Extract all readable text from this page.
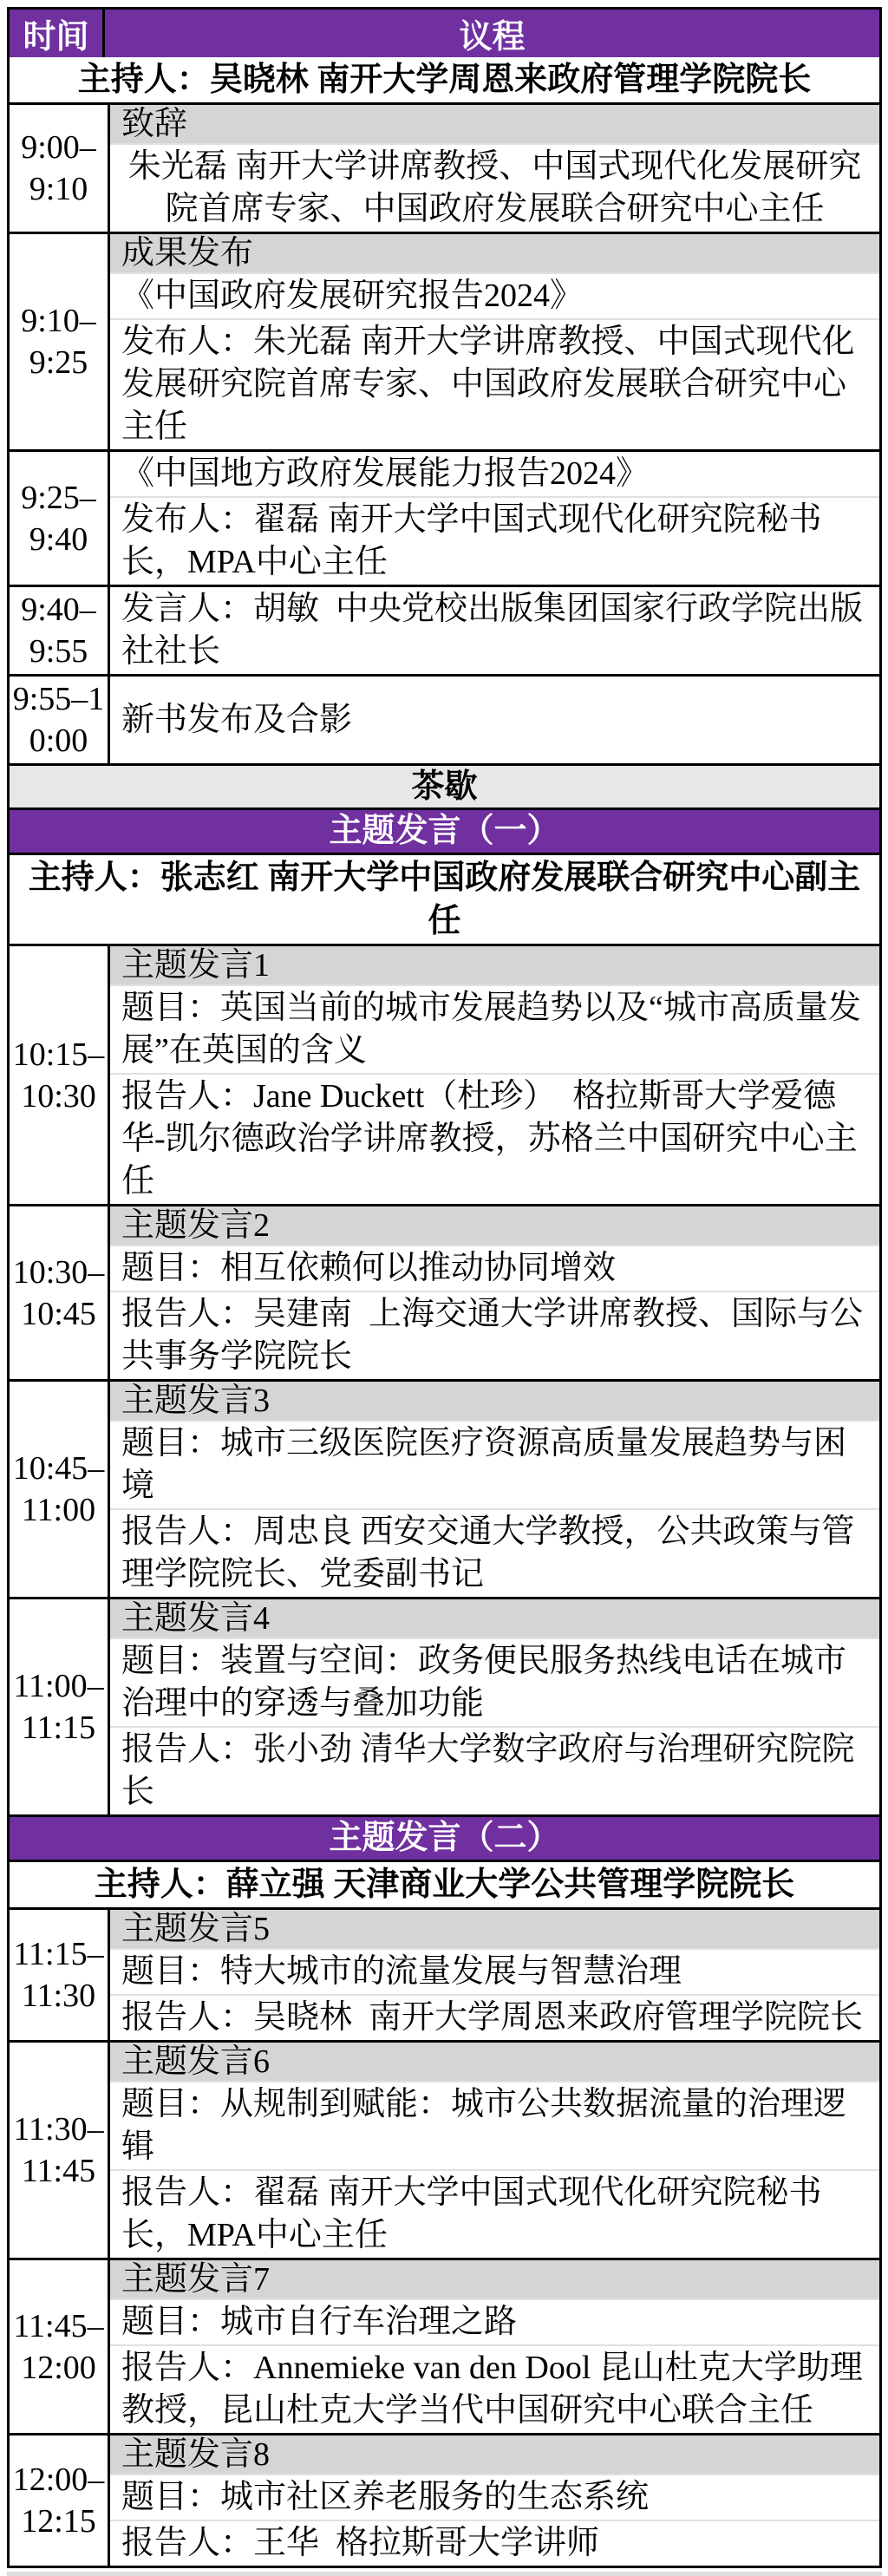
时间	议程
主持人：吴晓林 南开大学周恩来政府管理学院院长
9:00–9:10
致辞
朱光磊 南开大学讲席教授、中国式现代化发展研究院首席专家、中国政府发展联合研究中心主任
9:10–9:25
成果发布
《中国政府发展研究报告2024》
发布人：朱光磊 南开大学讲席教授、中国式现代化发展研究院首席专家、中国政府发展联合研究中心主任
9:25–9:40
《中国地方政府发展能力报告2024》
发布人：翟磊 南开大学中国式现代化研究院秘书长，MPA中心主任
9:40–9:55
发言人：胡敏  中央党校出版集团国家行政学院出版社社长
9:55–10:00
新书发布及合影
茶歇
主题发言（一）
主持人：张志红 南开大学中国政府发展联合研究中心副主任
10:15–10:30
主题发言1
题目：英国当前的城市发展趋势以及“城市高质量发展”在英国的含义
报告人：Jane Duckett（杜珍）  格拉斯哥大学爱德华-凯尔德政治学讲席教授，苏格兰中国研究中心主任
10:30–10:45
主题发言2
题目：相互依赖何以推动协同增效
报告人：吴建南  上海交通大学讲席教授、国际与公共事务学院院长
10:45–11:00
主题发言3
题目：城市三级医院医疗资源高质量发展趋势与困境
报告人：周忠良 西安交通大学教授，公共政策与管理学院院长、党委副书记
11:00–11:15
主题发言4
题目：装置与空间：政务便民服务热线电话在城市治理中的穿透与叠加功能
报告人：张小劲 清华大学数字政府与治理研究院院长
主题发言（二）
主持人：薛立强 天津商业大学公共管理学院院长
11:15–11:30
主题发言5
题目：特大城市的流量发展与智慧治理
报告人：吴晓林  南开大学周恩来政府管理学院院长
11:30–11:45
主题发言6
题目：从规制到赋能：城市公共数据流量的治理逻辑
报告人：翟磊 南开大学中国式现代化研究院秘书长，MPA中心主任
11:45–12:00
主题发言7
题目：城市自行车治理之路
报告人：Annemieke van den Dool 昆山杜克大学助理教授，昆山杜克大学当代中国研究中心联合主任
12:00–12:15
主题发言8
题目：城市社区养老服务的生态系统
报告人：王华  格拉斯哥大学讲师
